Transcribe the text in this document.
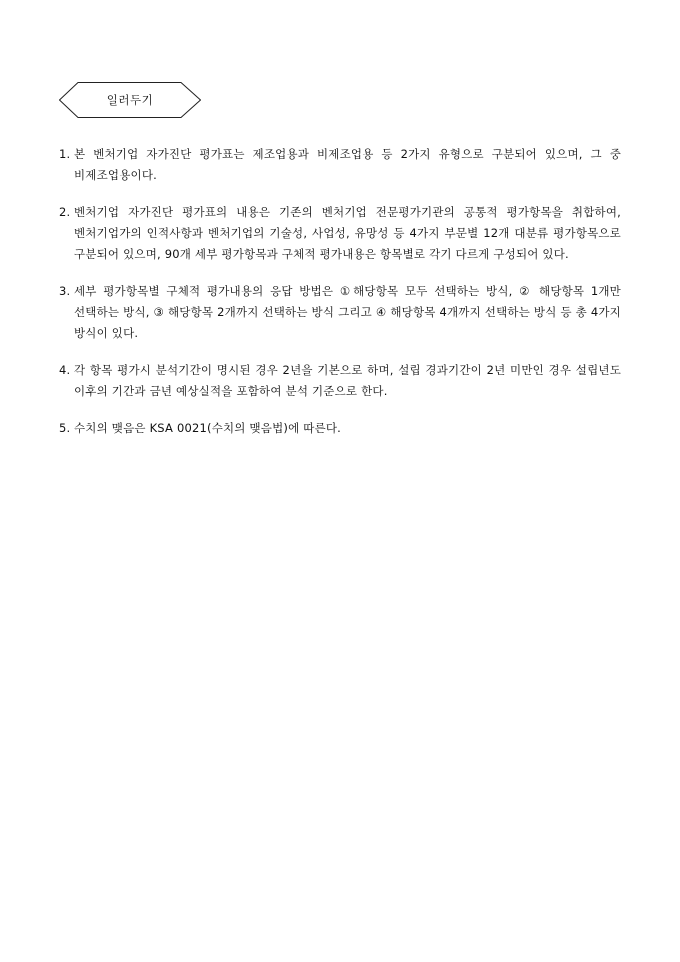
일러두기
1. 본 벤처기업 자가진단 평가표는 제조업용과 비제조업용 등 2가지 유형으로 구분되어 있으며, 그 중 비제조업용이다.
2. 벤처기업 자가진단 평가표의 내용은 기존의 벤처기업 전문평가기관의 공통적 평가항목을 취합하여, 벤처기업가의 인적사항과 벤처기업의 기술성, 사업성, 유망성 등 4가지 부문별 12개 대분류 평가항목으로 구분되어 있으며, 90개 세부 평가항목과 구체적 평가내용은 항목별로 각기 다르게 구성되어 있다.
3. 세부 평가항목별 구체적 평가내용의 응답 방법은 ①해당항목 모두 선택하는 방식, ② 해당항목 1개만 선택하는 방식, ③ 해당항목 2개까지 선택하는 방식 그리고 ④ 해당항목 4개까지 선택하는 방식 등 총 4가지 방식이 있다.
4. 각 항목 평가시 분석기간이 명시된 경우 2년을 기본으로 하며, 설립 경과기간이 2년 미만인 경우 설립년도 이후의 기간과 금년 예상실적을 포함하여 분석 기준으로 한다.
5. 수치의 맺음은 KSA 0021(수치의 맺음법)에 따른다.
